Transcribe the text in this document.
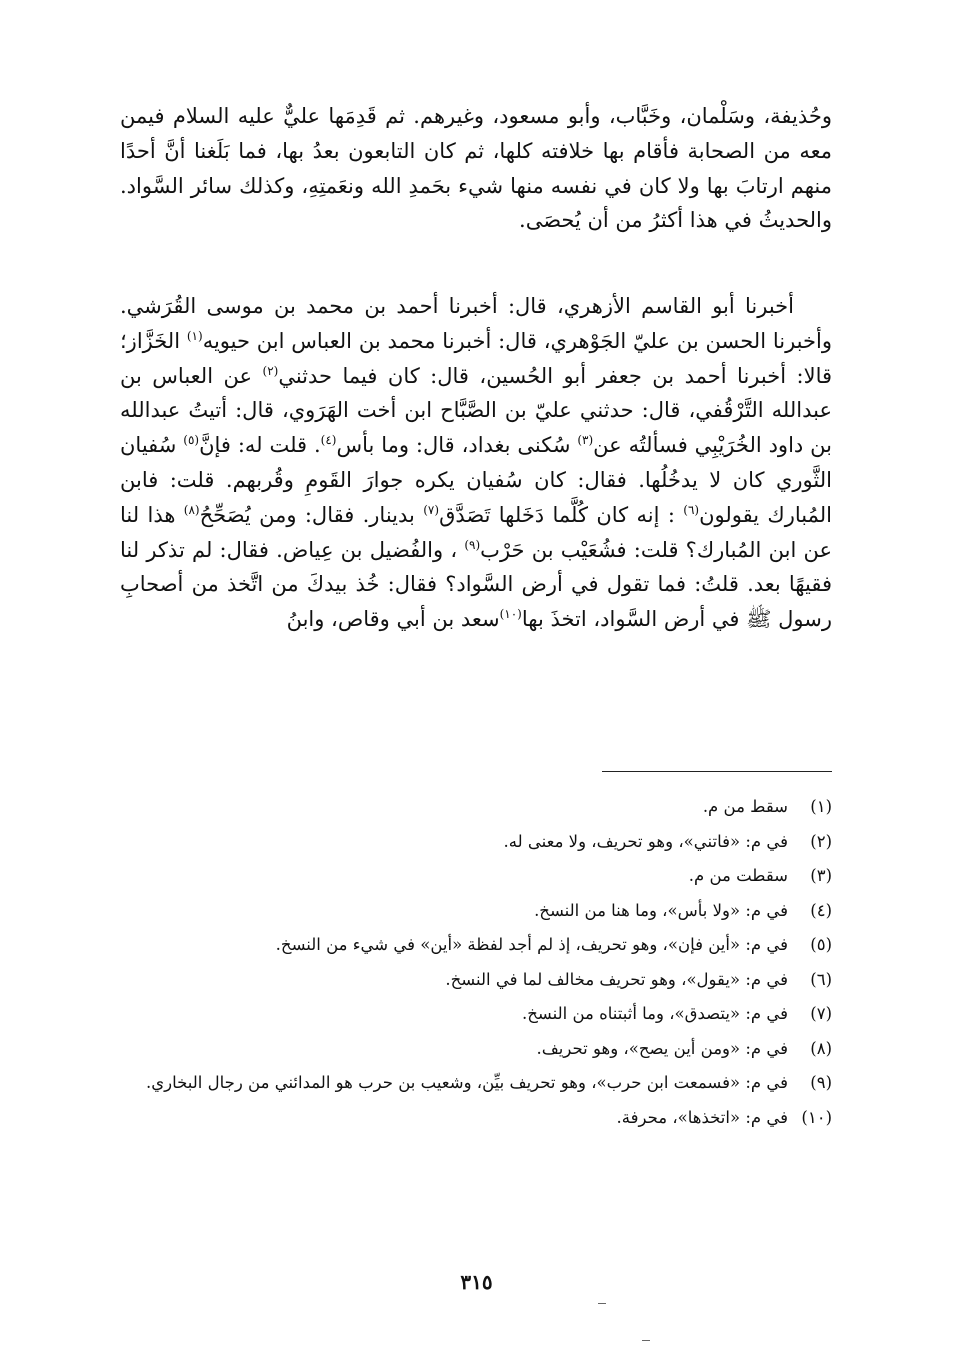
وحُذيفة، وسَلْمان، وخَبَّاب، وأبو مسعود، وغيرهم. ثم قَدِمَها عليٌّ عليه السلام فيمن معه من الصحابة فأقام بها خلافته كلها، ثم كان التابعون بعدُ بها، فما بَلَغنا أنَّ أحدًا منهم ارتابَ بها ولا كان في نفسه منها شيء بحَمدِ الله ونعَمتِهِ، وكذلك سائر السَّواد. والحديثُ في هذا أكثرُ من أن يُحصَى.

أخبرنا أبو القاسم الأزهري، قال: أخبرنا أحمد بن محمد بن موسى القُرَشي. وأخبرنا الحسن بن عليّ الجَوْهري، قال: أخبرنا محمد بن العباس ابن حيويه$^{(١)}$ الخَزَّاز؛ قالا: أخبرنا أحمد بن جعفر أبو الحُسين، قال: كان فيما حدثني$^{(٢)}$ عن العباس بن عبدالله التَّرْقُفي، قال: حدثني عليّ بن الصَّبَّاح ابن أخت الهَرَوي، قال: أتيتُ عبدالله بن داود الخُرَيْبِي فسألتُه عن$^{(٣)}$ سُكنى بغداد، قال: وما بأس$^{(٤)}$. قلت له: فإنَّ$^{(٥)}$ سُفيان الثَّوري كان لا يدخُلُها. فقال: كان سُفيان يكره جوارَ القَومِ وقُربهم. قلت: فابن المُبارك يقولون$^{(٦)}$ : إنه كان كُلَّما دَخَلها تَصَدَّق$^{(٧)}$ بدينار. فقال: ومن يُصَحِّحُ$^{(٨)}$ هذا لنا عن ابن المُبارك؟ قلت: فشُعَيْب بن حَرْب$^{(٩)}$ ، والفُضيل بن عِياض. فقال: لم تذكر لنا فقيهًا بعد. قلتُ: فما تقول في أرض السَّواد؟ فقال: خُذ بيدكَ من اتَّخذ من أصحابِ رسول ﷺ في أرض السَّواد، اتخذَ بها$^{(١٠)}$سعد بن أبي وقاص، وابنُ

(١)
سقط من م.
(٢)
في م: «فاتني»، وهو تحريف، ولا معنى له.
(٣)
سقطت من م.
(٤)
في م: «ولا بأس»، وما هنا من النسخ.
(٥)
في م: «أين فإن»، وهو تحريف، إذ لم أجد لفظة «أين» في شيء من النسخ.
(٦)
في م: «يقول»، وهو تحريف مخالف لما في النسخ.
(٧)
في م: «يتصدق»، وما أثبتناه من النسخ.
(٨)
في م: «ومن أين يصح»، وهو تحريف.
(٩)
في م: «فسمعت ابن حرب»، وهو تحريف بيِّن، وشعيب بن حرب هو المدائني من رجال البخاري.
(١٠)
في م: «اتخذها»، محرفة.
٣١٥
